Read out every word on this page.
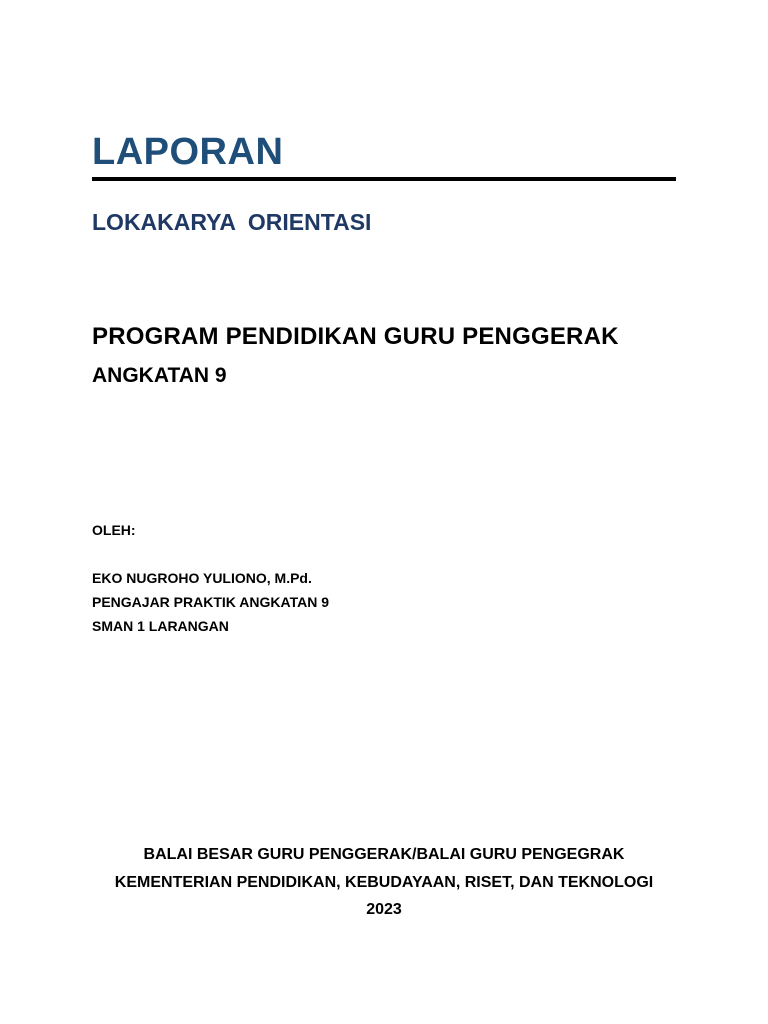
LAPORAN
LOKAKARYA  ORIENTASI
PROGRAM PENDIDIKAN GURU PENGGERAK
ANGKATAN 9
OLEH:
EKO NUGROHO YULIONO, M.Pd.
PENGAJAR PRAKTIK ANGKATAN 9
SMAN 1 LARANGAN
BALAI BESAR GURU PENGGERAK/BALAI GURU PENGEGRAK
KEMENTERIAN PENDIDIKAN, KEBUDAYAAN, RISET, DAN TEKNOLOGI
2023
